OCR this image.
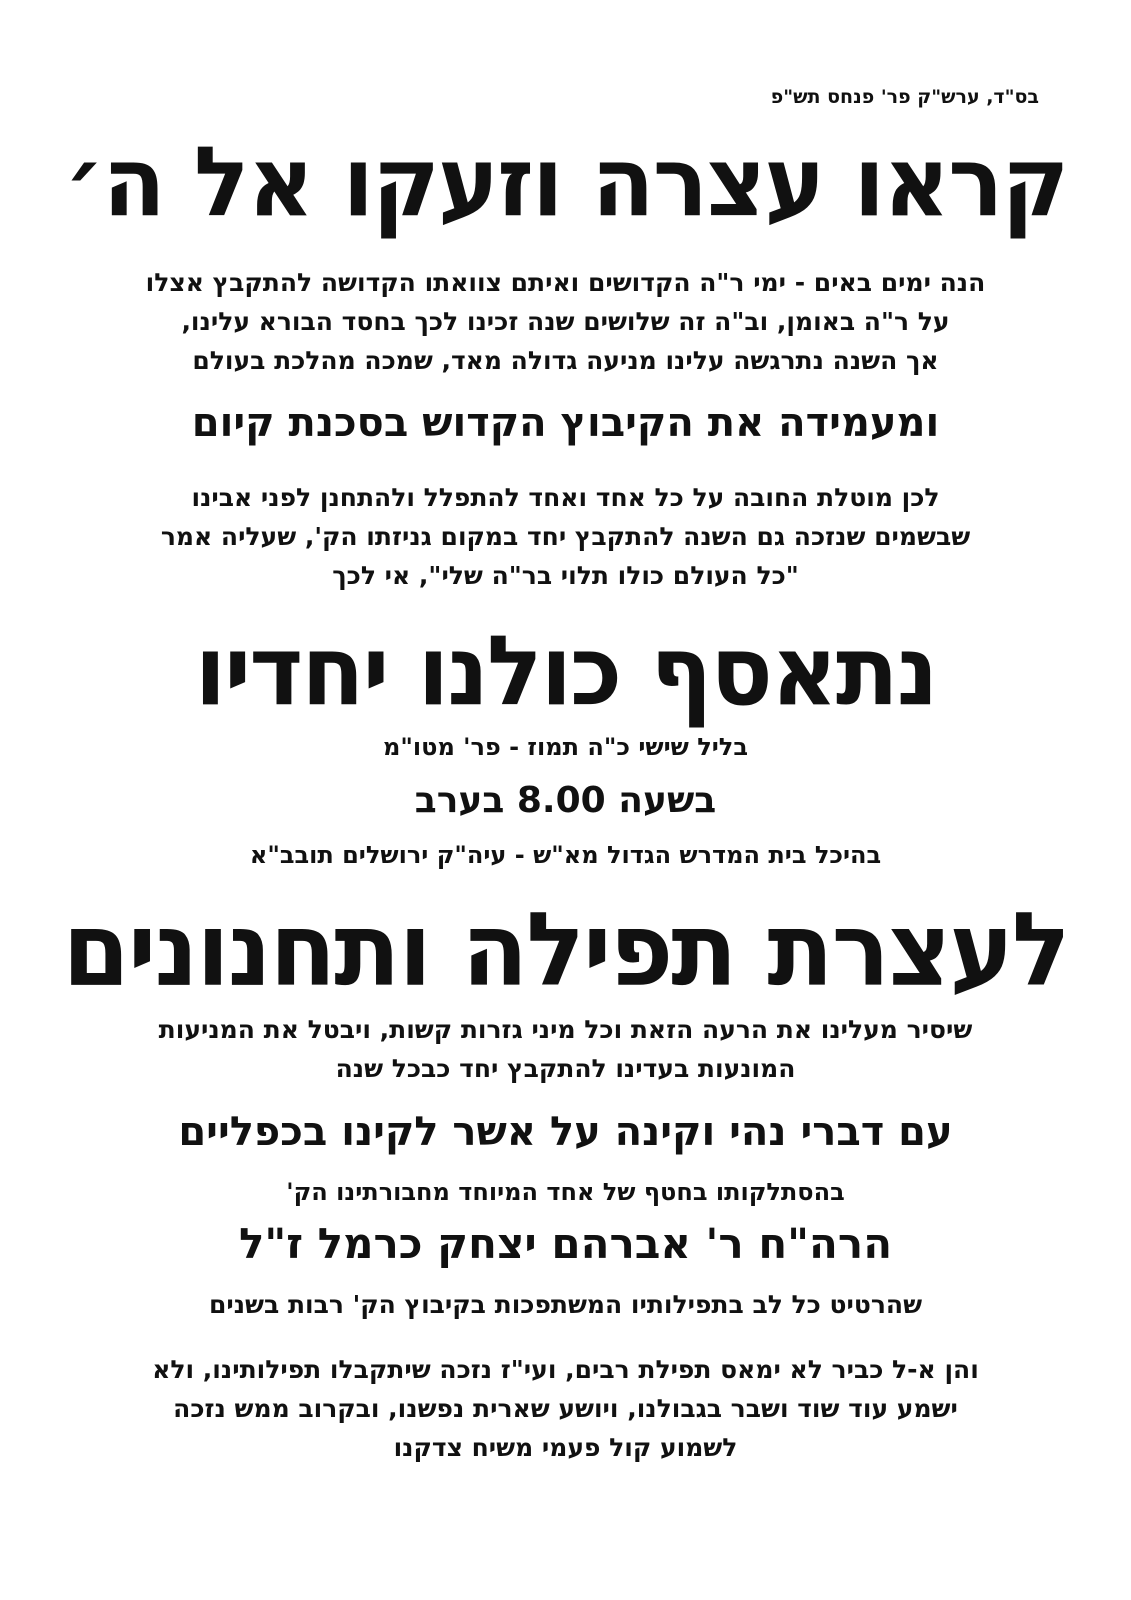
בס"ד, ערש"ק פר' פנחס תש"פ
קראו עצרה וזעקו אל ה׳
הנה ימים באים - ימי ר"ה הקדושים ואיתם צוואתו הקדושה להתקבץ אצלו
על ר"ה באומן, וב"ה זה שלושים שנה זכינו לכך בחסד הבורא עלינו,
אך השנה נתרגשה עלינו מניעה גדולה מאד, שמכה מהלכת בעולם
ומעמידה את הקיבוץ הקדוש בסכנת קיום
לכן מוטלת החובה על כל אחד ואחד להתפלל ולהתחנן לפני אבינו
שבשמים שנזכה גם השנה להתקבץ יחד במקום גניזתו הק', שעליה אמר
"כל העולם כולו תלוי בר"ה שלי", אי לכך
נתאסף כולנו יחדיו
בליל שישי כ"ה תמוז - פר' מטו"מ
בשעה 8.00 בערב
בהיכל בית המדרש הגדול מא"ש - עיה"ק ירושלים תובב"א
לעצרת תפילה ותחנונים
שיסיר מעלינו את הרעה הזאת וכל מיני גזרות קשות, ויבטל את המניעות
המונעות בעדינו להתקבץ יחד כבכל שנה
עם דברי נהי וקינה על אשר לקינו בכפליים
בהסתלקותו בחטף של אחד המיוחד מחבורתינו הק'
הרה"ח ר' אברהם יצחק כרמל ז"ל
שהרטיט כל לב בתפילותיו המשתפכות בקיבוץ הק' רבות בשנים
והן א-ל כביר לא ימאס תפילת רבים, ועי"ז נזכה שיתקבלו תפילותינו, ולא
ישמע עוד שוד ושבר בגבולנו, ויושע שארית נפשנו, ובקרוב ממש נזכה
לשמוע קול פעמי משיח צדקנו
